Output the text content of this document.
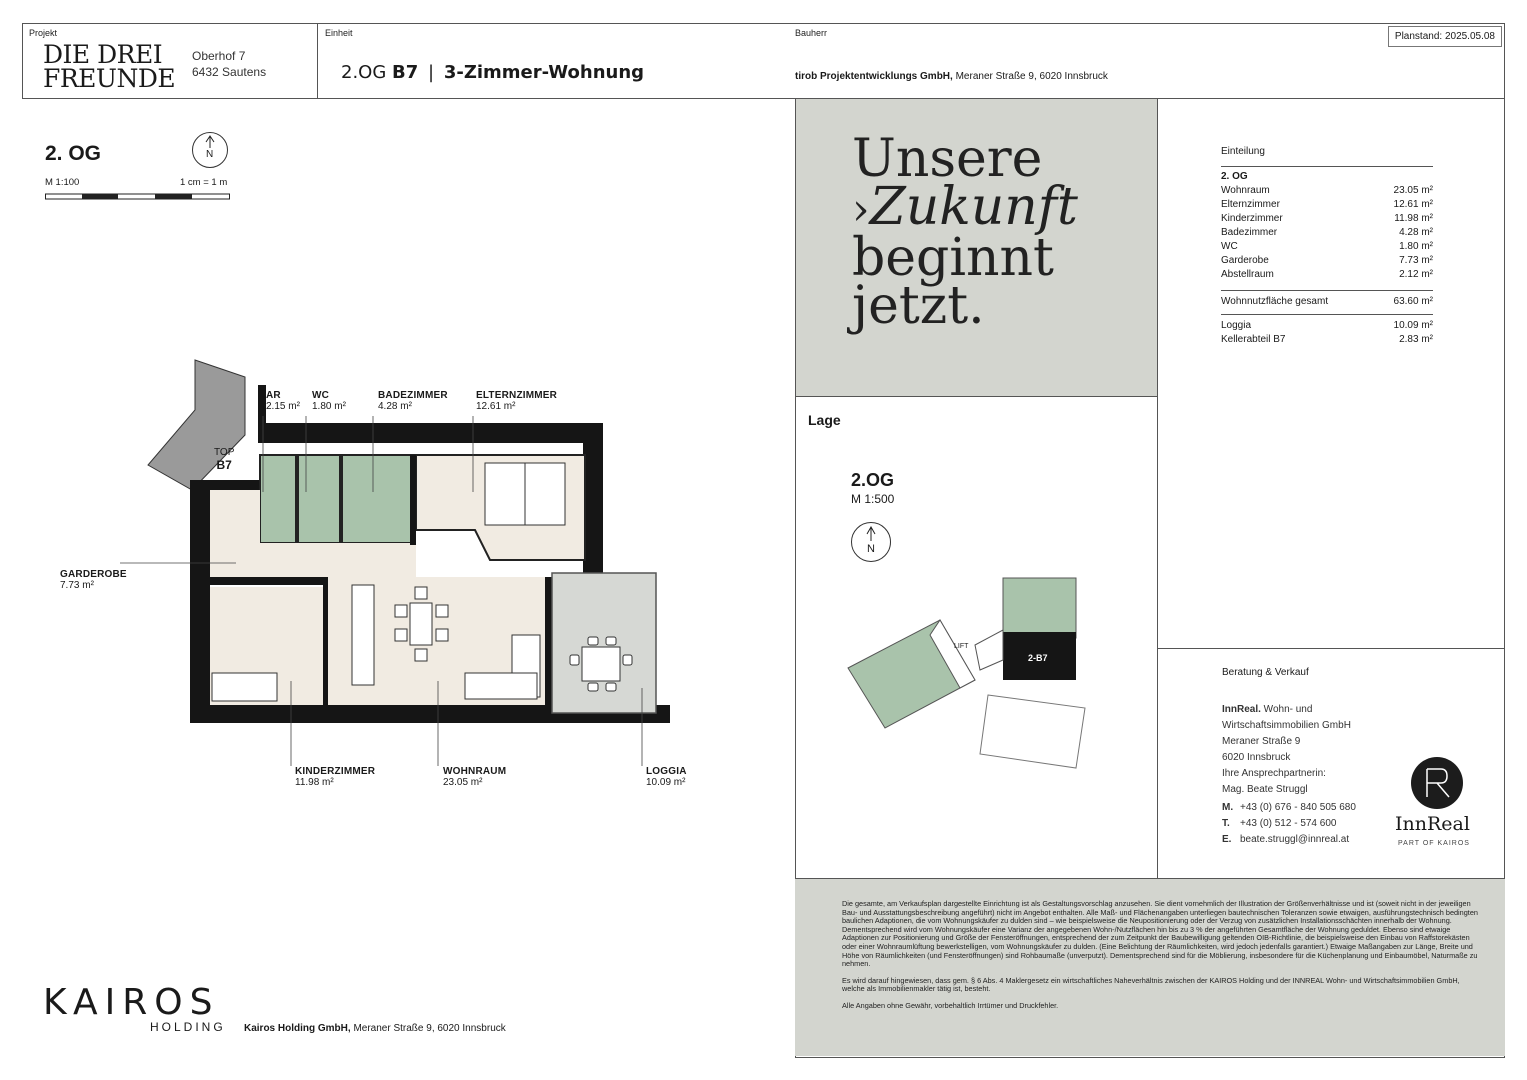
Projekt
DIE DREI
FREUNDE
Oberhof 7
6432 Sautens
Einheit
2.OG B7 | 3-Zimmer-Wohnung
Bauherr
tirob Projektentwicklungs GmbH, Meraner Straße 9, 6020 Innsbruck
Planstand: 2025.05.08
2. OG
M 1:100	1 cm = 1 m
N
TOP
B7
AR
2.15 m²
WC
1.80 m²
BADEZIMMER
4.28 m²
ELTERNZIMMER
12.61 m²
GARDEROBE
7.73 m²
KINDERZIMMER
11.98 m²
WOHNRAUM
23.05 m²
LOGGIA
10.09 m²
KAIROS
HOLDING Kairos Holding GmbH, Meraner Straße 9, 6020 Innsbruck
Unsere
›Zukunft
beginnt
jetzt.
Lage
2.OG
M 1:500
N
LIFT
2-B7
Einteilung
2. OG
Wohnraum	23.05 m²
Elternzimmer	12.61 m²
Kinderzimmer	11.98 m²
Badezimmer	4.28 m²
WC	1.80 m²
Garderobe	7.73 m²
Abstellraum	2.12 m²
Wohnnutzfläche gesamt	63.60 m²
Loggia	10.09 m²
Kellerabteil B7	2.83 m²
Beratung & Verkauf
InnReal. Wohn- und
Wirtschaftsimmobilien GmbH
Meraner Straße 9
6020 Innsbruck
Ihre Ansprechpartnerin:
Mag. Beate Struggl
M. +43 (0) 676 - 840 505 680
T. +43 (0) 512 - 574 600
E. beate.struggl@innreal.at
InnReal
PART OF KAIROS

Die gesamte, am Verkaufsplan dargestellte Einrichtung ist als Gestaltungsvorschlag anzusehen. Sie dient vornehmlich der Illustration der Größenverhältnisse und ist (soweit nicht in der jeweiligen Bau- und Ausstattungsbeschreibung angeführt) nicht im Angebot enthalten. Alle Maß- und Flächenangaben unterliegen bautechnischen Toleranzen sowie etwaigen, ausführungstechnisch bedingten baulichen Adaptionen, die vom Wohnungskäufer zu dulden sind – wie beispielsweise die Neupositionierung oder der Verzug von zusätzlichen Installationsschächten innerhalb der Wohnung. Dementsprechend wird vom Wohnungskäufer eine Varianz der angegebenen Wohn-/Nutzflächen hin bis zu 3 % der angeführten Gesamtfläche der Wohnung geduldet. Ebenso sind etwaige Adaptionen zur Positionierung und Größe der Fensteröffnungen, entsprechend der zum Zeitpunkt der Baubewilligung geltenden OIB-Richtlinie, die beispielsweise den Einbau von Raffstorekästen oder einer Wohnraumlüftung bewerkstelligen, vom Wohnungskäufer zu dulden. (Eine Belichtung der Räumlichkeiten, wird jedoch jedenfalls garantiert.) Etwaige Maßangaben zur Länge, Breite und Höhe von Räumlichkeiten (und Fensteröffnungen) sind Rohbaumaße (unverputzt). Dementsprechend sind für die Möblierung, insbesondere für die Küchenplanung und Einbaumöbel, Naturmaße zu nehmen.

Es wird darauf hingewiesen, dass gem. § 6 Abs. 4 Maklergesetz ein wirtschaftliches Naheverhältnis zwischen der KAIROS Holding und der INNREAL Wohn- und Wirtschaftsimmobilien GmbH, welche als Immobilienmakler tätig ist, besteht.

Alle Angaben ohne Gewähr, vorbehaltlich Irrtümer und Druckfehler.
